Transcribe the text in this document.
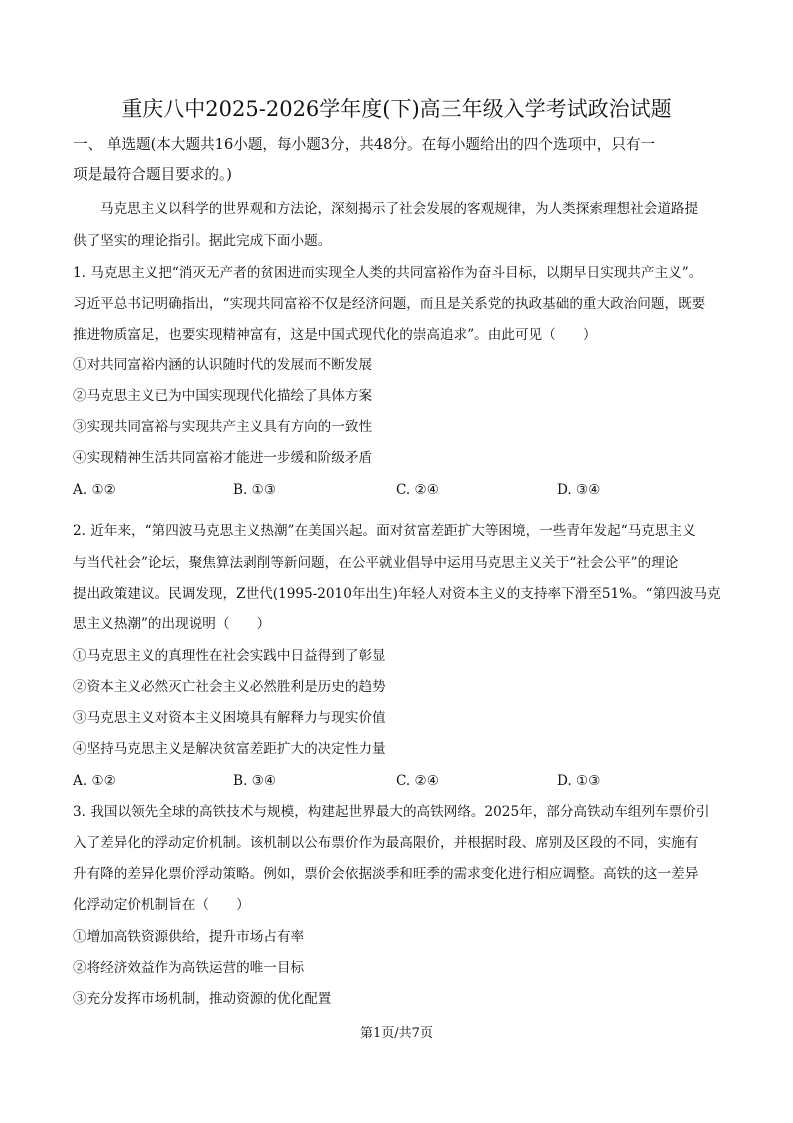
重庆八中2025-2026学年度(下)高三年级入学考试政治试题
一、 单选题(本大题共16小题，每小题3分，共48分。在每小题给出的四个选项中，只有一
项是最符合题目要求的。)
马克思主义以科学的世界观和方法论，深刻揭示了社会发展的客观规律，为人类探索理想社会道路提
供了坚实的理论指引。据此完成下面小题。
1. 马克思主义把“消灭无产者的贫困进而实现全人类的共同富裕作为奋斗目标，以期早日实现共产主义”。
习近平总书记明确指出，“实现共同富裕不仅是经济问题，而且是关系党的执政基础的重大政治问题，既要
推进物质富足，也要实现精神富有，这是中国式现代化的崇高追求”。由此可见（　　）
①对共同富裕内涵的认识随时代的发展而不断发展
②马克思主义已为中国实现现代化描绘了具体方案
③实现共同富裕与实现共产主义具有方向的一致性
④实现精神生活共同富裕才能进一步缓和阶级矛盾
A. ①②	B. ①③	C. ②④	D. ③④
2. 近年来，“第四波马克思主义热潮”在美国兴起。面对贫富差距扩大等困境，一些青年发起“马克思主义
与当代社会”论坛，聚焦算法剥削等新问题，在公平就业倡导中运用马克思主义关于“社会公平”的理论
提出政策建议。民调发现，Z世代(1995-2010年出生)年轻人对资本主义的支持率下滑至51%。“第四波马克
思主义热潮”的出现说明（　　）
①马克思主义的真理性在社会实践中日益得到了彰显
②资本主义必然灭亡社会主义必然胜利是历史的趋势
③马克思主义对资本主义困境具有解释力与现实价值
④坚持马克思主义是解决贫富差距扩大的决定性力量
A. ①②	B. ③④	C. ②④	D. ①③
3. 我国以领先全球的高铁技术与规模，构建起世界最大的高铁网络。2025年，部分高铁动车组列车票价引
入了差异化的浮动定价机制。该机制以公布票价作为最高限价，并根据时段、席别及区段的不同，实施有
升有降的差异化票价浮动策略。例如，票价会依据淡季和旺季的需求变化进行相应调整。高铁的这一差异
化浮动定价机制旨在（　　）
①增加高铁资源供给，提升市场占有率
②将经济效益作为高铁运营的唯一目标
③充分发挥市场机制，推动资源的优化配置
第1页/共7页
